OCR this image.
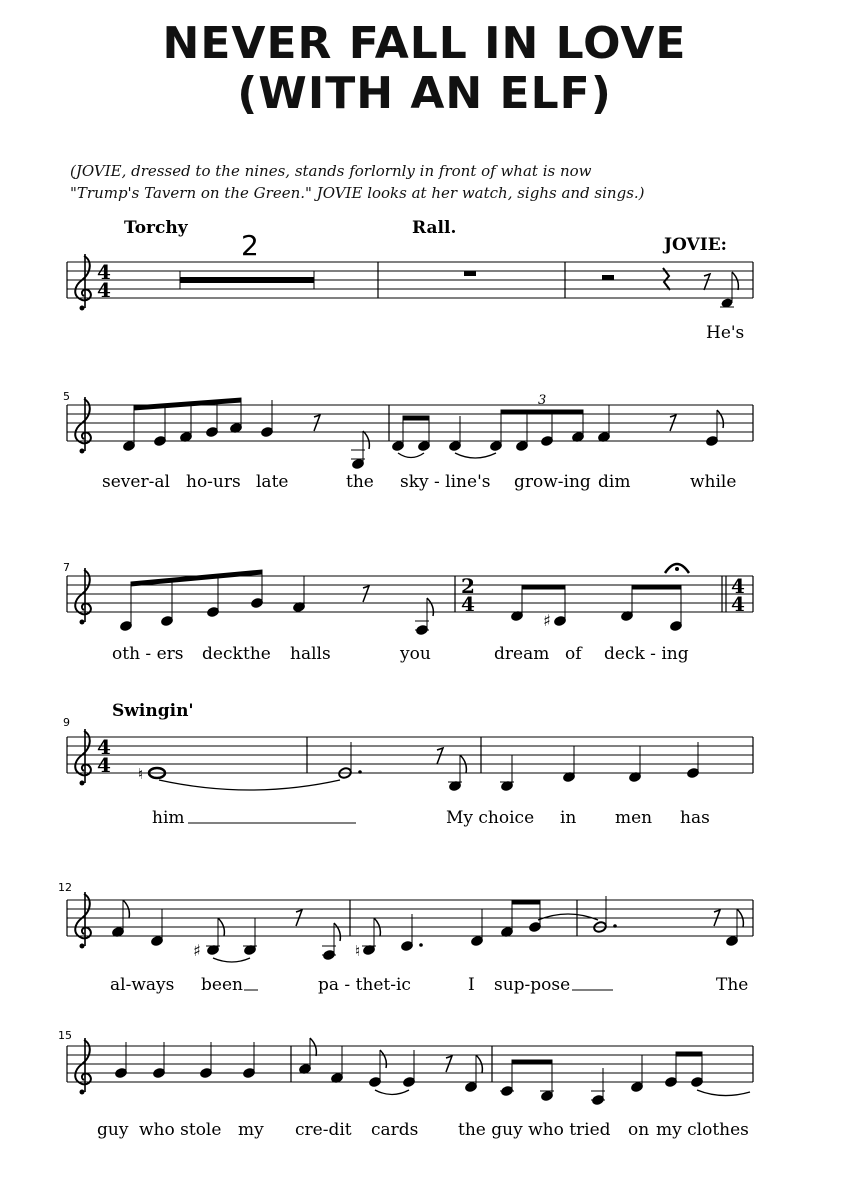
NEVER FALL IN LOVE
(WITH AN ELF)
(JOVIE, dressed to the nines, stands forlornly in front of what is now
"Trump's Tavern on the Green." JOVIE looks at her watch, sighs and sings.)
4
4
Torchy	Rall.
JOVIE:
2
He's
5	3
sever-al ho-urs late	the sky - line's grow-ing dim	while
7
2
4
4
4
♯
oth - ers deck the halls	you	dream of deck - ing
9
Swingin'
4
4 ♮
him	My choice in men has
12
♯	♮
al-ways been	pa - thet-ic	I sup-pose	The
15
guy who stole my cre-dit cards the guy who tried on my clothes
